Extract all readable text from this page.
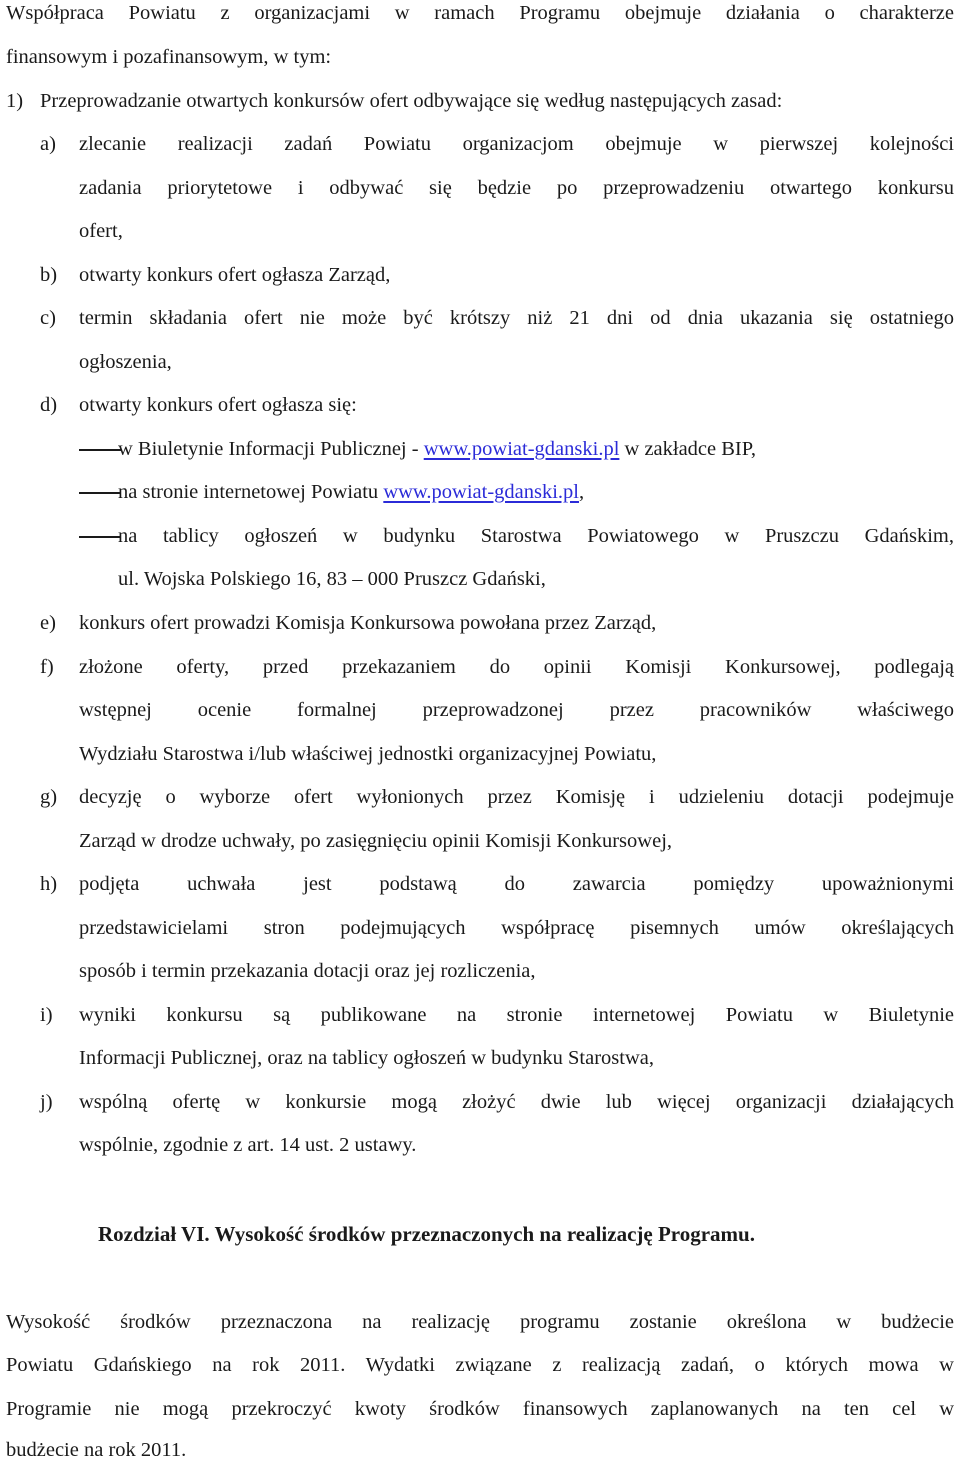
Współpraca Powiatu z organizacjami w ramach Programu obejmuje działania o charakterze
finansowym i pozafinansowym, w tym:
1) Przeprowadzanie otwartych konkursów ofert odbywające się według następujących zasad:
a) zlecanie realizacji zadań Powiatu organizacjom obejmuje w pierwszej kolejności
zadania priorytetowe i odbywać się będzie po przeprowadzeniu otwartego konkursu
ofert,
b) otwarty konkurs ofert ogłasza Zarząd,
c) termin składania ofert nie może być krótszy niż 21 dni od dnia ukazania się ostatniego
ogłoszenia,
d) otwarty konkurs ofert ogłasza się:
w Biuletynie Informacji Publicznej - www.powiat-gdanski.pl w zakładce BIP,
na stronie internetowej Powiatu www.powiat-gdanski.pl,
na tablicy ogłoszeń w budynku Starostwa Powiatowego w Pruszczu Gdańskim,
ul. Wojska Polskiego 16, 83 – 000 Pruszcz Gdański,
e) konkurs ofert prowadzi Komisja Konkursowa powołana przez Zarząd,
f) złożone oferty, przed przekazaniem do opinii Komisji Konkursowej, podlegają
wstępnej ocenie formalnej przeprowadzonej przez pracowników właściwego
Wydziału Starostwa i/lub właściwej jednostki organizacyjnej Powiatu,
g) decyzję o wyborze ofert wyłonionych przez Komisję i udzieleniu dotacji podejmuje
Zarząd w drodze uchwały, po zasięgnięciu opinii Komisji Konkursowej,
h) podjęta uchwała jest podstawą do zawarcia pomiędzy upoważnionymi
przedstawicielami stron podejmujących współpracę pisemnych umów określających
sposób i termin przekazania dotacji oraz jej rozliczenia,
i) wyniki konkursu są publikowane na stronie internetowej Powiatu w Biuletynie
Informacji Publicznej, oraz na tablicy ogłoszeń w budynku Starostwa,
j) wspólną ofertę w konkursie mogą złożyć dwie lub więcej organizacji działających
wspólnie, zgodnie z art. 14 ust. 2 ustawy.
Rozdział VI. Wysokość środków przeznaczonych na realizację Programu.
Wysokość środków przeznaczona na realizację programu zostanie określona w budżecie
Powiatu Gdańskiego na rok 2011. Wydatki związane z realizacją zadań, o których mowa w
Programie nie mogą przekroczyć kwoty środków finansowych zaplanowanych na ten cel w
budżecie na rok 2011.
